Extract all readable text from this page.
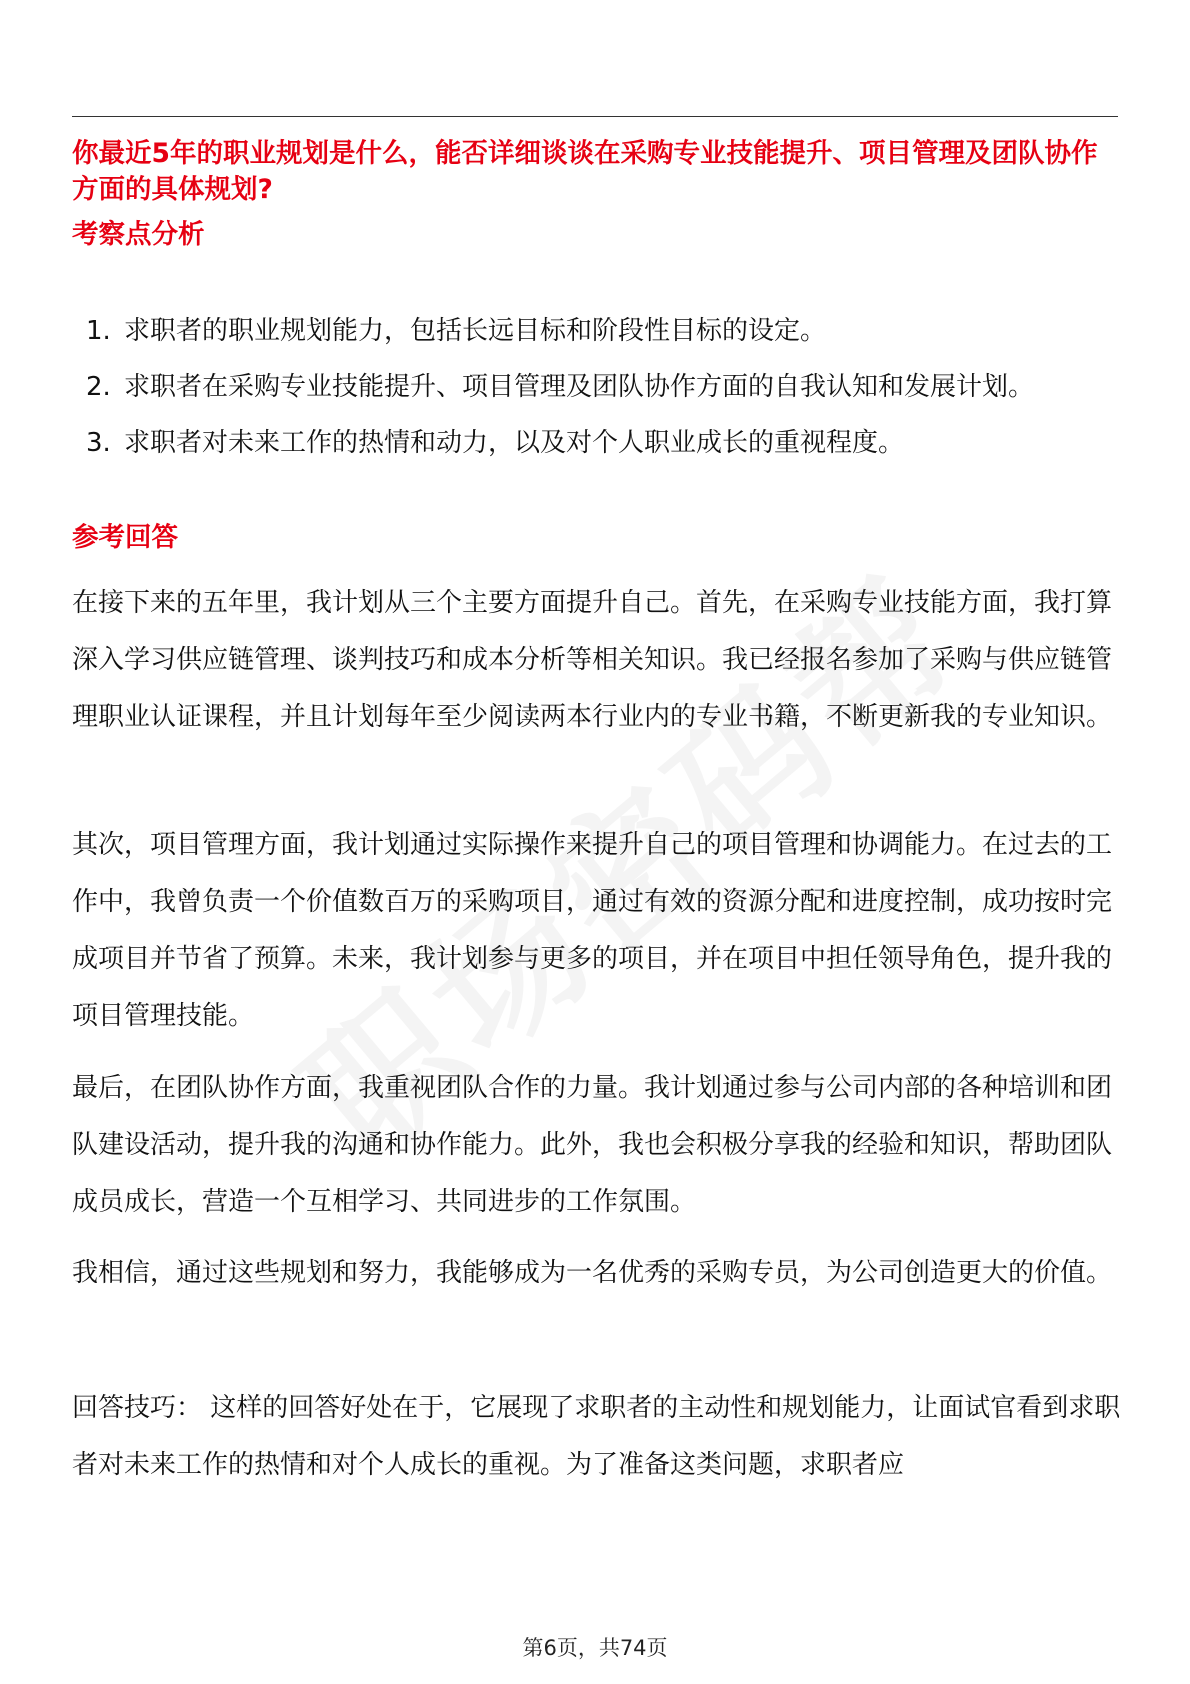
你最近5年的职业规划是什么，能否详细谈谈在采购专业技能提升、项目管理及团队协作方面的具体规划?
考察点分析
1. 求职者的职业规划能力，包括长远目标和阶段性目标的设定。
2. 求职者在采购专业技能提升、项目管理及团队协作方面的自我认知和发展计划。
3. 求职者对未来工作的热情和动力，以及对个人职业成长的重视程度。
参考回答

在接下来的五年里，我计划从三个主要方面提升自己。首先，在采购专业技能方面，我打算深入学习供应链管理、谈判技巧和成本分析等相关知识。我已经报名参加了采购与供应链管理职业认证课程，并且计划每年至少阅读两本行业内的专业书籍，不断更新我的专业知识。

其次，项目管理方面，我计划通过实际操作来提升自己的项目管理和协调能力。在过去的工作中，我曾负责一个价值数百万的采购项目，通过有效的资源分配和进度控制，成功按时完成项目并节省了预算。未来，我计划参与更多的项目，并在项目中担任领导角色，提升我的项目管理技能。

最后，在团队协作方面，我重视团队合作的力量。我计划通过参与公司内部的各种培训和团队建设活动，提升我的沟通和协作能力。此外，我也会积极分享我的经验和知识，帮助团队成员成长，营造一个互相学习、共同进步的工作氛围。

我相信，通过这些规划和努力，我能够成为一名优秀的采购专员，为公司创造更大的价值。

回答技巧： 这样的回答好处在于，它展现了求职者的主动性和规划能力，让面试官看到求职者对未来工作的热情和对个人成长的重视。为了准备这类问题，求职者应

第6页，共74页
